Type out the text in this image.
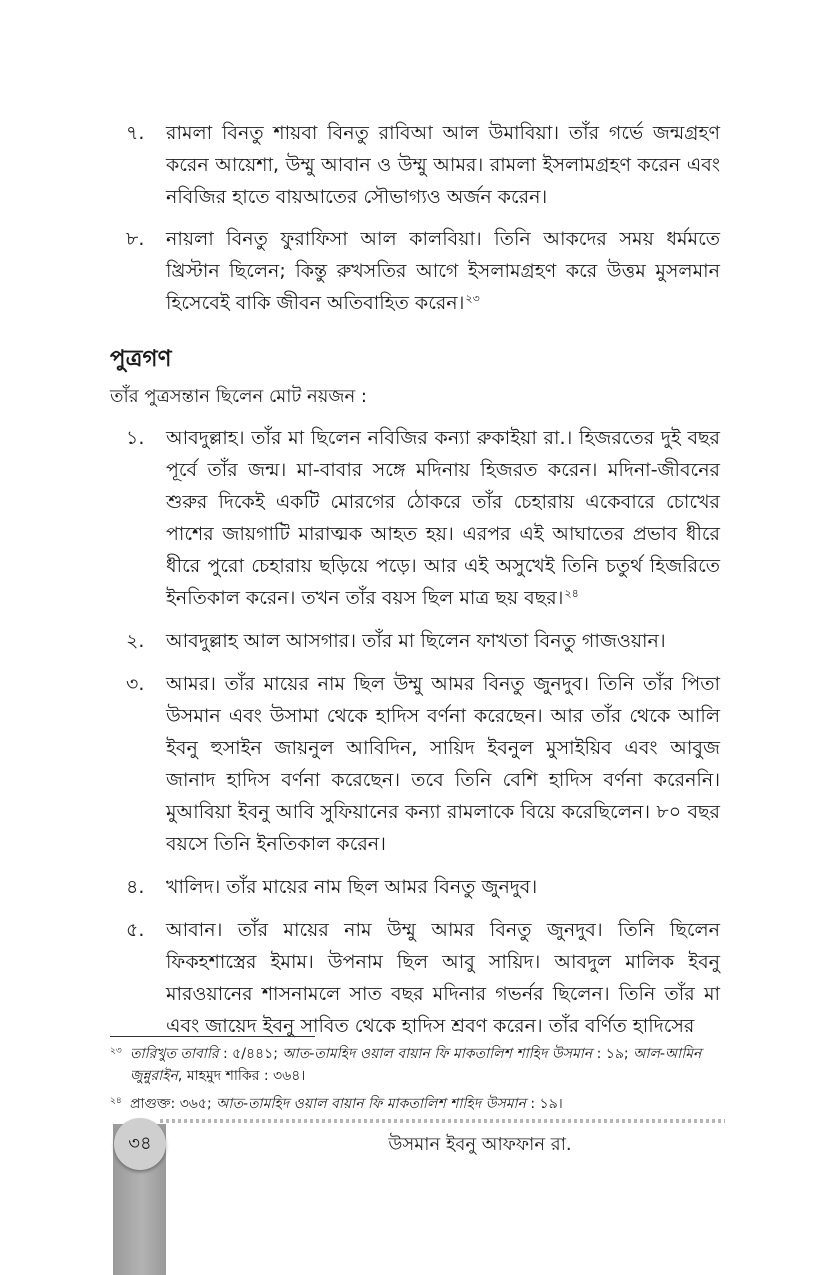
৭. রামলা বিনতু শায়বা বিনতু রাবিআ আল উমাবিয়া। তাঁর গর্ভে জন্মগ্রহণ করেন আয়েশা, উম্মু আবান ও উম্মু আমর। রামলা ইসলামগ্রহণ করেন এবং নবিজির হাতে বায়আতের সৌভাগ্যও অর্জন করেন।
৮. নায়লা বিনতু ফুরাফিসা আল কালবিয়া। তিনি আকদের সময় ধর্মমতে খ্রিস্টান ছিলেন; কিন্তু রুখসতির আগে ইসলামগ্রহণ করে উত্তম মুসলমান হিসেবেই বাকি জীবন অতিবাহিত করেন।$^{২৩}$
পুত্রগণ

তাঁর পুত্রসন্তান ছিলেন মোট নয়জন :

১. আবদুল্লাহ। তাঁর মা ছিলেন নবিজির কন্যা রুকাইয়া রা.। হিজরতের দুই বছর পূর্বে তাঁর জন্ম। মা-বাবার সঙ্গে মদিনায় হিজরত করেন। মদিনা-জীবনের শুরুর দিকেই একটি মোরগের ঠোকরে তাঁর চেহারায় একেবারে চোখের পাশের জায়গাটি মারাত্মক আহত হয়। এরপর এই আঘাতের প্রভাব ধীরে ধীরে পুরো চেহারায় ছড়িয়ে পড়ে। আর এই অসুখেই তিনি চতুর্থ হিজরিতে ইনতিকাল করেন। তখন তাঁর বয়স ছিল মাত্র ছয় বছর।$^{২৪}$
২. আবদুল্লাহ আল আসগার। তাঁর মা ছিলেন ফাখতা বিনতু গাজওয়ান।
৩. আমর। তাঁর মায়ের নাম ছিল উম্মু আমর বিনতু জুনদুব। তিনি তাঁর পিতা উসমান এবং উসামা থেকে হাদিস বর্ণনা করেছেন। আর তাঁর থেকে আলি ইবনু হুসাইন জায়নুল আবিদিন, সায়িদ ইবনুল মুসাইয়িব এবং আবুজ জানাদ হাদিস বর্ণনা করেছেন। তবে তিনি বেশি হাদিস বর্ণনা করেননি। মুআবিয়া ইবনু আবি সুফিয়ানের কন্যা রামলাকে বিয়ে করেছিলেন। ৮০ বছর বয়সে তিনি ইনতিকাল করেন।
৪. খালিদ। তাঁর মায়ের নাম ছিল আমর বিনতু জুনদুব।
৫. আবান। তাঁর মায়ের নাম উম্মু আমর বিনতু জুনদুব। তিনি ছিলেন ফিকহশাস্ত্রের ইমাম। উপনাম ছিল আবু সায়িদ। আবদুল মালিক ইবনু মারওয়ানের শাসনামলে সাত বছর মদিনার গভর্নর ছিলেন। তিনি তাঁর মা এবং জায়েদ ইবনু সাবিত থেকে হাদিস শ্রবণ করেন। তাঁর বর্ণিত হাদিসের

২৩ তারিখুত তাবারি : ৫/৪৪১; আত-তামহিদ ওয়াল বায়ান ফি মাকতালিশ শাহিদ উসমান : ১৯; আল-আমিন জুন্নুরাইন, মাহমুদ শাকির : ৩৬৪।

২৪ প্রাগুক্ত: ৩৬৫; আত-তামহিদ ওয়াল বায়ান ফি মাকতালিশ শাহিদ উসমান : ১৯।

৩৪	উসমান ইবনু আফফান রা.
